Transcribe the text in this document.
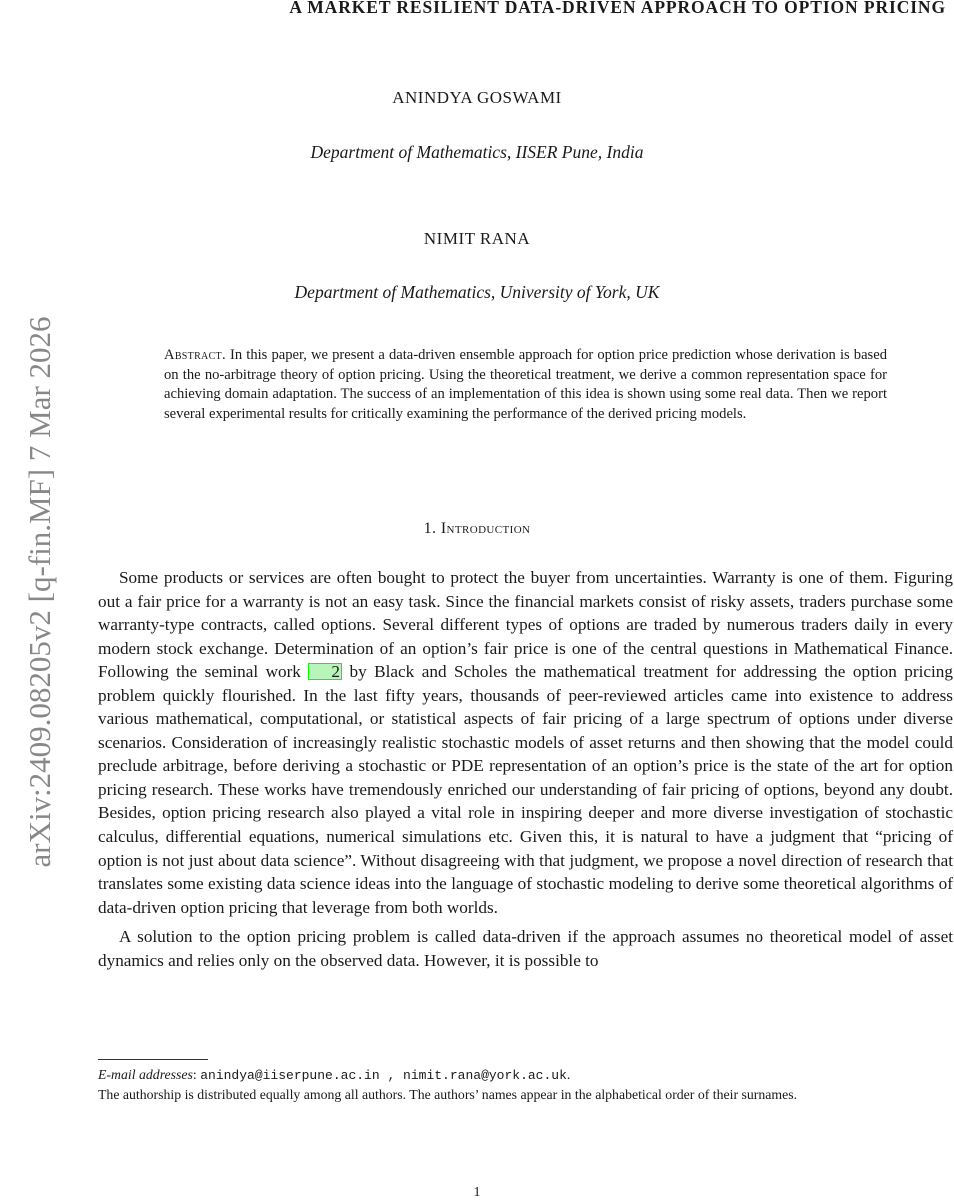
arXiv:2409.08205v2 [q-fin.MF] 7 Mar 2026
A MARKET RESILIENT DATA-DRIVEN APPROACH TO OPTION PRICING
ANINDYA GOSWAMI
Department of Mathematics, IISER Pune, India
NIMIT RANA
Department of Mathematics, University of York, UK
Abstract. In this paper, we present a data-driven ensemble approach for option price prediction whose derivation is based on the no-arbitrage theory of option pricing. Using the theoretical treatment, we derive a common representation space for achieving domain adaptation. The success of an implementation of this idea is shown using some real data. Then we report several experimental results for critically examining the performance of the derived pricing models.
1. Introduction

Some products or services are often bought to protect the buyer from uncertainties. Warranty is one of them. Figuring out a fair price for a warranty is not an easy task. Since the financial markets consist of risky assets, traders purchase some warranty-type contracts, called options. Several different types of options are traded by numerous traders daily in every modern stock exchange. Determination of an option’s fair price is one of the central questions in Mathematical Finance. Following the seminal work 2 by Black and Scholes the mathematical treatment for addressing the option pricing problem quickly flourished. In the last fifty years, thousands of peer-reviewed articles came into existence to address various mathematical, computational, or statistical aspects of fair pricing of a large spectrum of options under diverse scenarios. Consideration of increasingly realistic stochastic models of asset returns and then showing that the model could preclude arbitrage, before deriving a stochastic or PDE representation of an option’s price is the state of the art for option pricing research. These works have tremendously enriched our understanding of fair pricing of options, beyond any doubt. Besides, option pricing research also played a vital role in inspiring deeper and more diverse investigation of stochastic calculus, differential equations, numerical simulations etc. Given this, it is natural to have a judgment that “pricing of option is not just about data science”. Without disagreeing with that judgment, we propose a novel direction of research that translates some existing data science ideas into the language of stochastic modeling to derive some theoretical algorithms of data-driven option pricing that leverage from both worlds.

A solution to the option pricing problem is called data-driven if the approach assumes no theoretical model of asset dynamics and relies only on the observed data. However, it is possible to

E-mail addresses: anindya@iiserpune.ac.in , nimit.rana@york.ac.uk.
The authorship is distributed equally among all authors. The authors’ names appear in the alphabetical order of their surnames.
1
